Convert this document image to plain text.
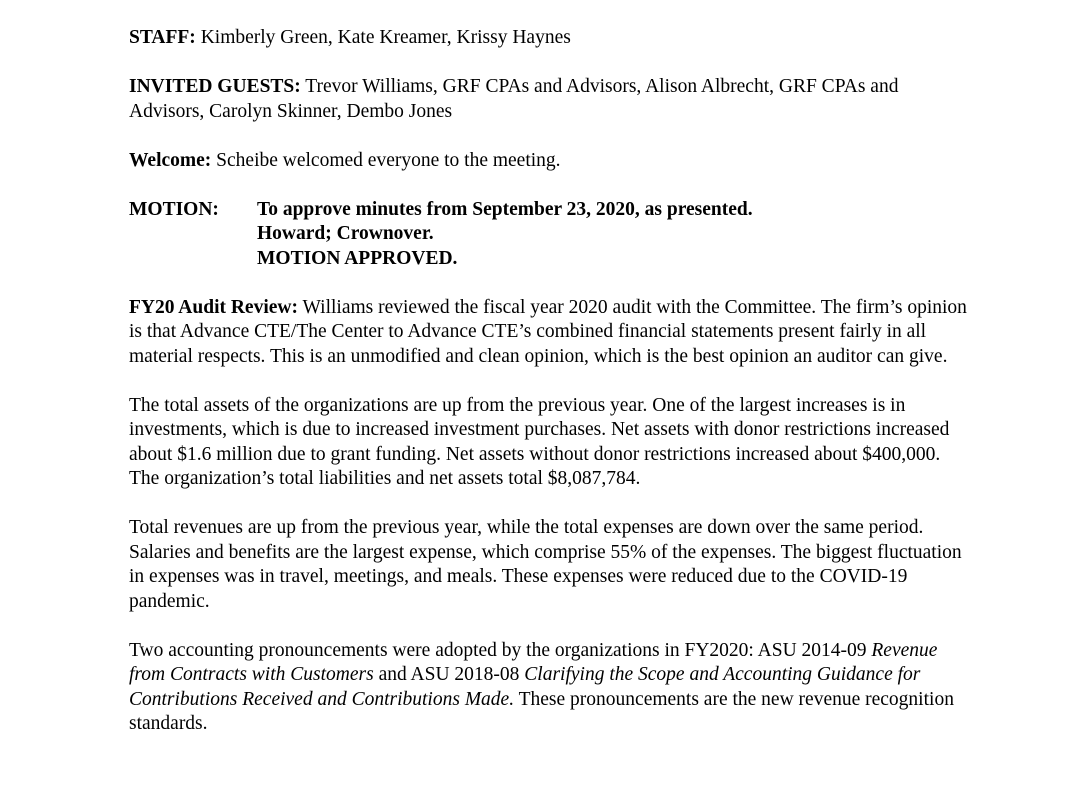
STAFF: Kimberly Green, Kate Kreamer, Krissy Haynes

INVITED GUESTS: Trevor Williams, GRF CPAs and Advisors, Alison Albrecht, GRF CPAs and Advisors, Carolyn Skinner, Dembo Jones

Welcome: Scheibe welcomed everyone to the meeting.

MOTION:	To approve minutes from September 23, 2020, as presented.
Howard; Crownover.
MOTION APPROVED.

FY20 Audit Review: Williams reviewed the fiscal year 2020 audit with the Committee. The firm’s opinion is that Advance CTE/The Center to Advance CTE’s combined financial statements present fairly in all material respects. This is an unmodified and clean opinion, which is the best opinion an auditor can give.

The total assets of the organizations are up from the previous year. One of the largest increases is in investments, which is due to increased investment purchases. Net assets with donor restrictions increased about $1.6 million due to grant funding. Net assets without donor restrictions increased about $400,000. The organization’s total liabilities and net assets total $8,087,784.

Total revenues are up from the previous year, while the total expenses are down over the same period. Salaries and benefits are the largest expense, which comprise 55% of the expenses. The biggest fluctuation in expenses was in travel, meetings, and meals. These expenses were reduced due to the COVID-19 pandemic.

Two accounting pronouncements were adopted by the organizations in FY2020: ASU 2014-09 Revenue from Contracts with Customers and ASU 2018-08 Clarifying the Scope and Accounting Guidance for Contributions Received and Contributions Made. These pronouncements are the new revenue recognition standards.
